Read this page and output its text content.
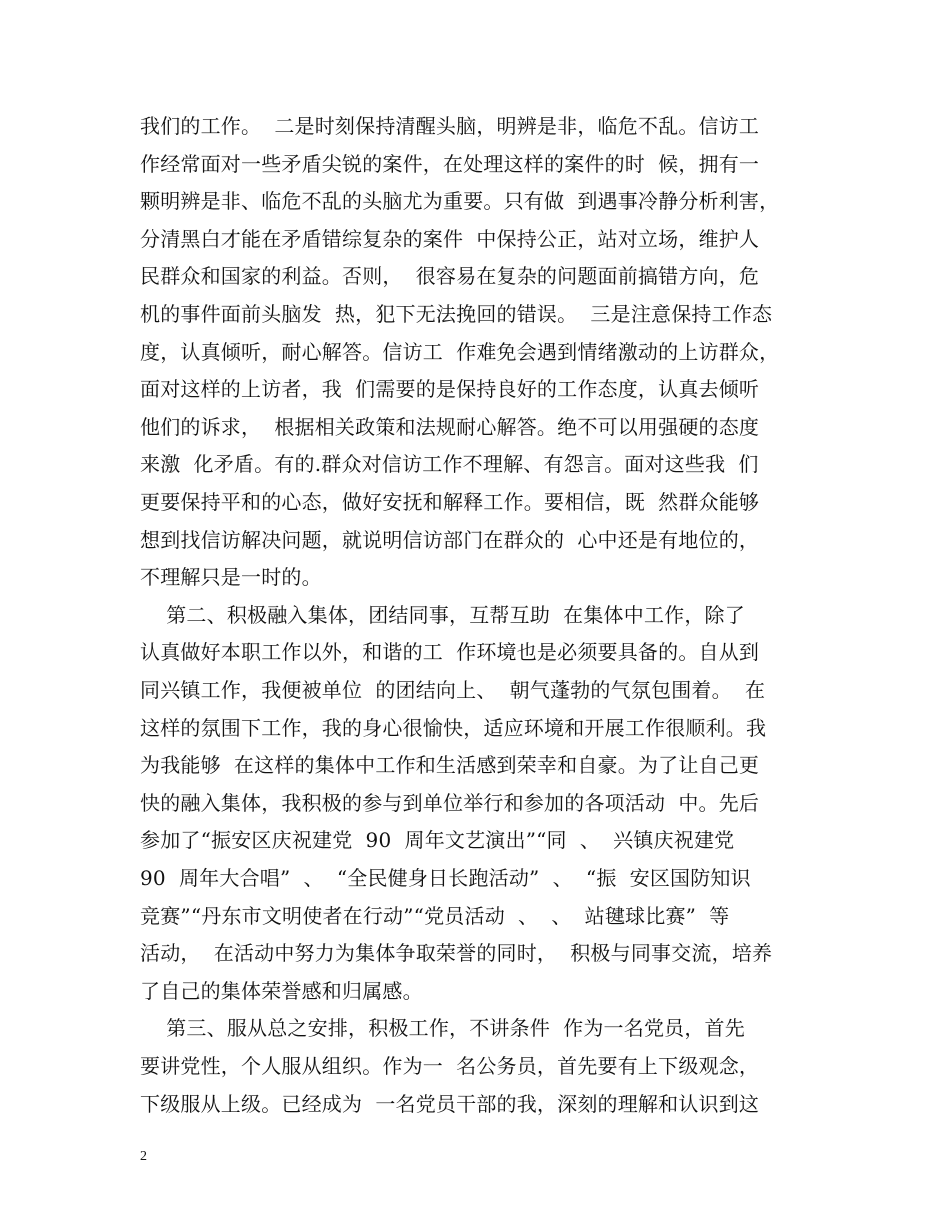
我们的工作。  二是时刻保持清醒头脑，明辨是非，临危不乱。信访工
作经常面对一些矛盾尖锐的案件，在处理这样的案件的时  候，拥有一
颗明辨是非、临危不乱的头脑尤为重要。只有做  到遇事冷静分析利害，
分清黑白才能在矛盾错综复杂的案件  中保持公正，站对立场，维护人
民群众和国家的利益。否则，  很容易在复杂的问题面前搞错方向，危
机的事件面前头脑发  热，犯下无法挽回的错误。  三是注意保持工作态
度，认真倾听，耐心解答。信访工  作难免会遇到情绪激动的上访群众，
面对这样的上访者，我  们需要的是保持良好的工作态度，认真去倾听
他们的诉求，  根据相关政策和法规耐心解答。绝不可以用强硬的态度
来激  化矛盾。有的.群众对信访工作不理解、有怨言。面对这些我  们
更要保持平和的心态，做好安抚和解释工作。要相信，既  然群众能够
想到找信访解决问题，就说明信访部门在群众的  心中还是有地位的，
不理解只是一时的。
第二、积极融入集体，团结同事，互帮互助  在集体中工作，除了
认真做好本职工作以外，和谐的工  作环境也是必须要具备的。自从到
同兴镇工作，我便被单位  的团结向上、  朝气蓬勃的气氛包围着。  在
这样的氛围下工作，我的身心很愉快，适应环境和开展工作很顺利。我
为我能够  在这样的集体中工作和生活感到荣幸和自豪。为了让自己更
快的融入集体，我积极的参与到单位举行和参加的各项活动  中。先后
参加了“振安区庆祝建党  90  周年文艺演出”“同  、  兴镇庆祝建党
90  周年大合唱”  、  “全民健身日长跑活动”  、  “振  安区国防知识
竞赛”“丹东市文明使者在行动”“党员活动  、  、  站毽球比赛”  等
活动，  在活动中努力为集体争取荣誉的同时，  积极与同事交流，培养
了自己的集体荣誉感和归属感。
第三、服从总之安排，积极工作，不讲条件  作为一名党员，首先
要讲党性，个人服从组织。作为一  名公务员，首先要有上下级观念，
下级服从上级。已经成为  一名党员干部的我，深刻的理解和认识到这
2
